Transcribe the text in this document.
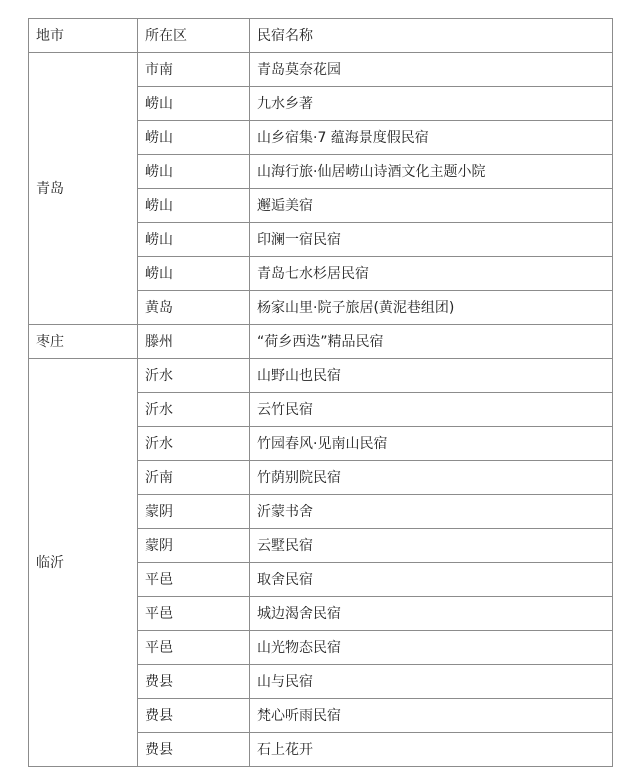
地市	所在区	民宿名称
青岛	市南	青岛莫奈花园
	崂山	九水乡著
	崂山	山乡宿集·7 蕴海景度假民宿
	崂山	山海行旅·仙居崂山诗酒文化主题小院
	崂山	邂逅美宿
	崂山	印澜一宿民宿
	崂山	青岛七水杉居民宿
	黄岛	杨家山里·院子旅居(黄泥巷组团)
枣庄	滕州	“荷乡西迭”精品民宿
临沂	沂水	山野山也民宿
	沂水	云竹民宿
	沂水	竹园春风·见南山民宿
	沂南	竹荫别院民宿
	蒙阴	沂蒙书舍
	蒙阴	云墅民宿
	平邑	取舍民宿
	平邑	城边渴舍民宿
	平邑	山光物态民宿
	费县	山与民宿
	费县	梵心听雨民宿
	费县	石上花开
